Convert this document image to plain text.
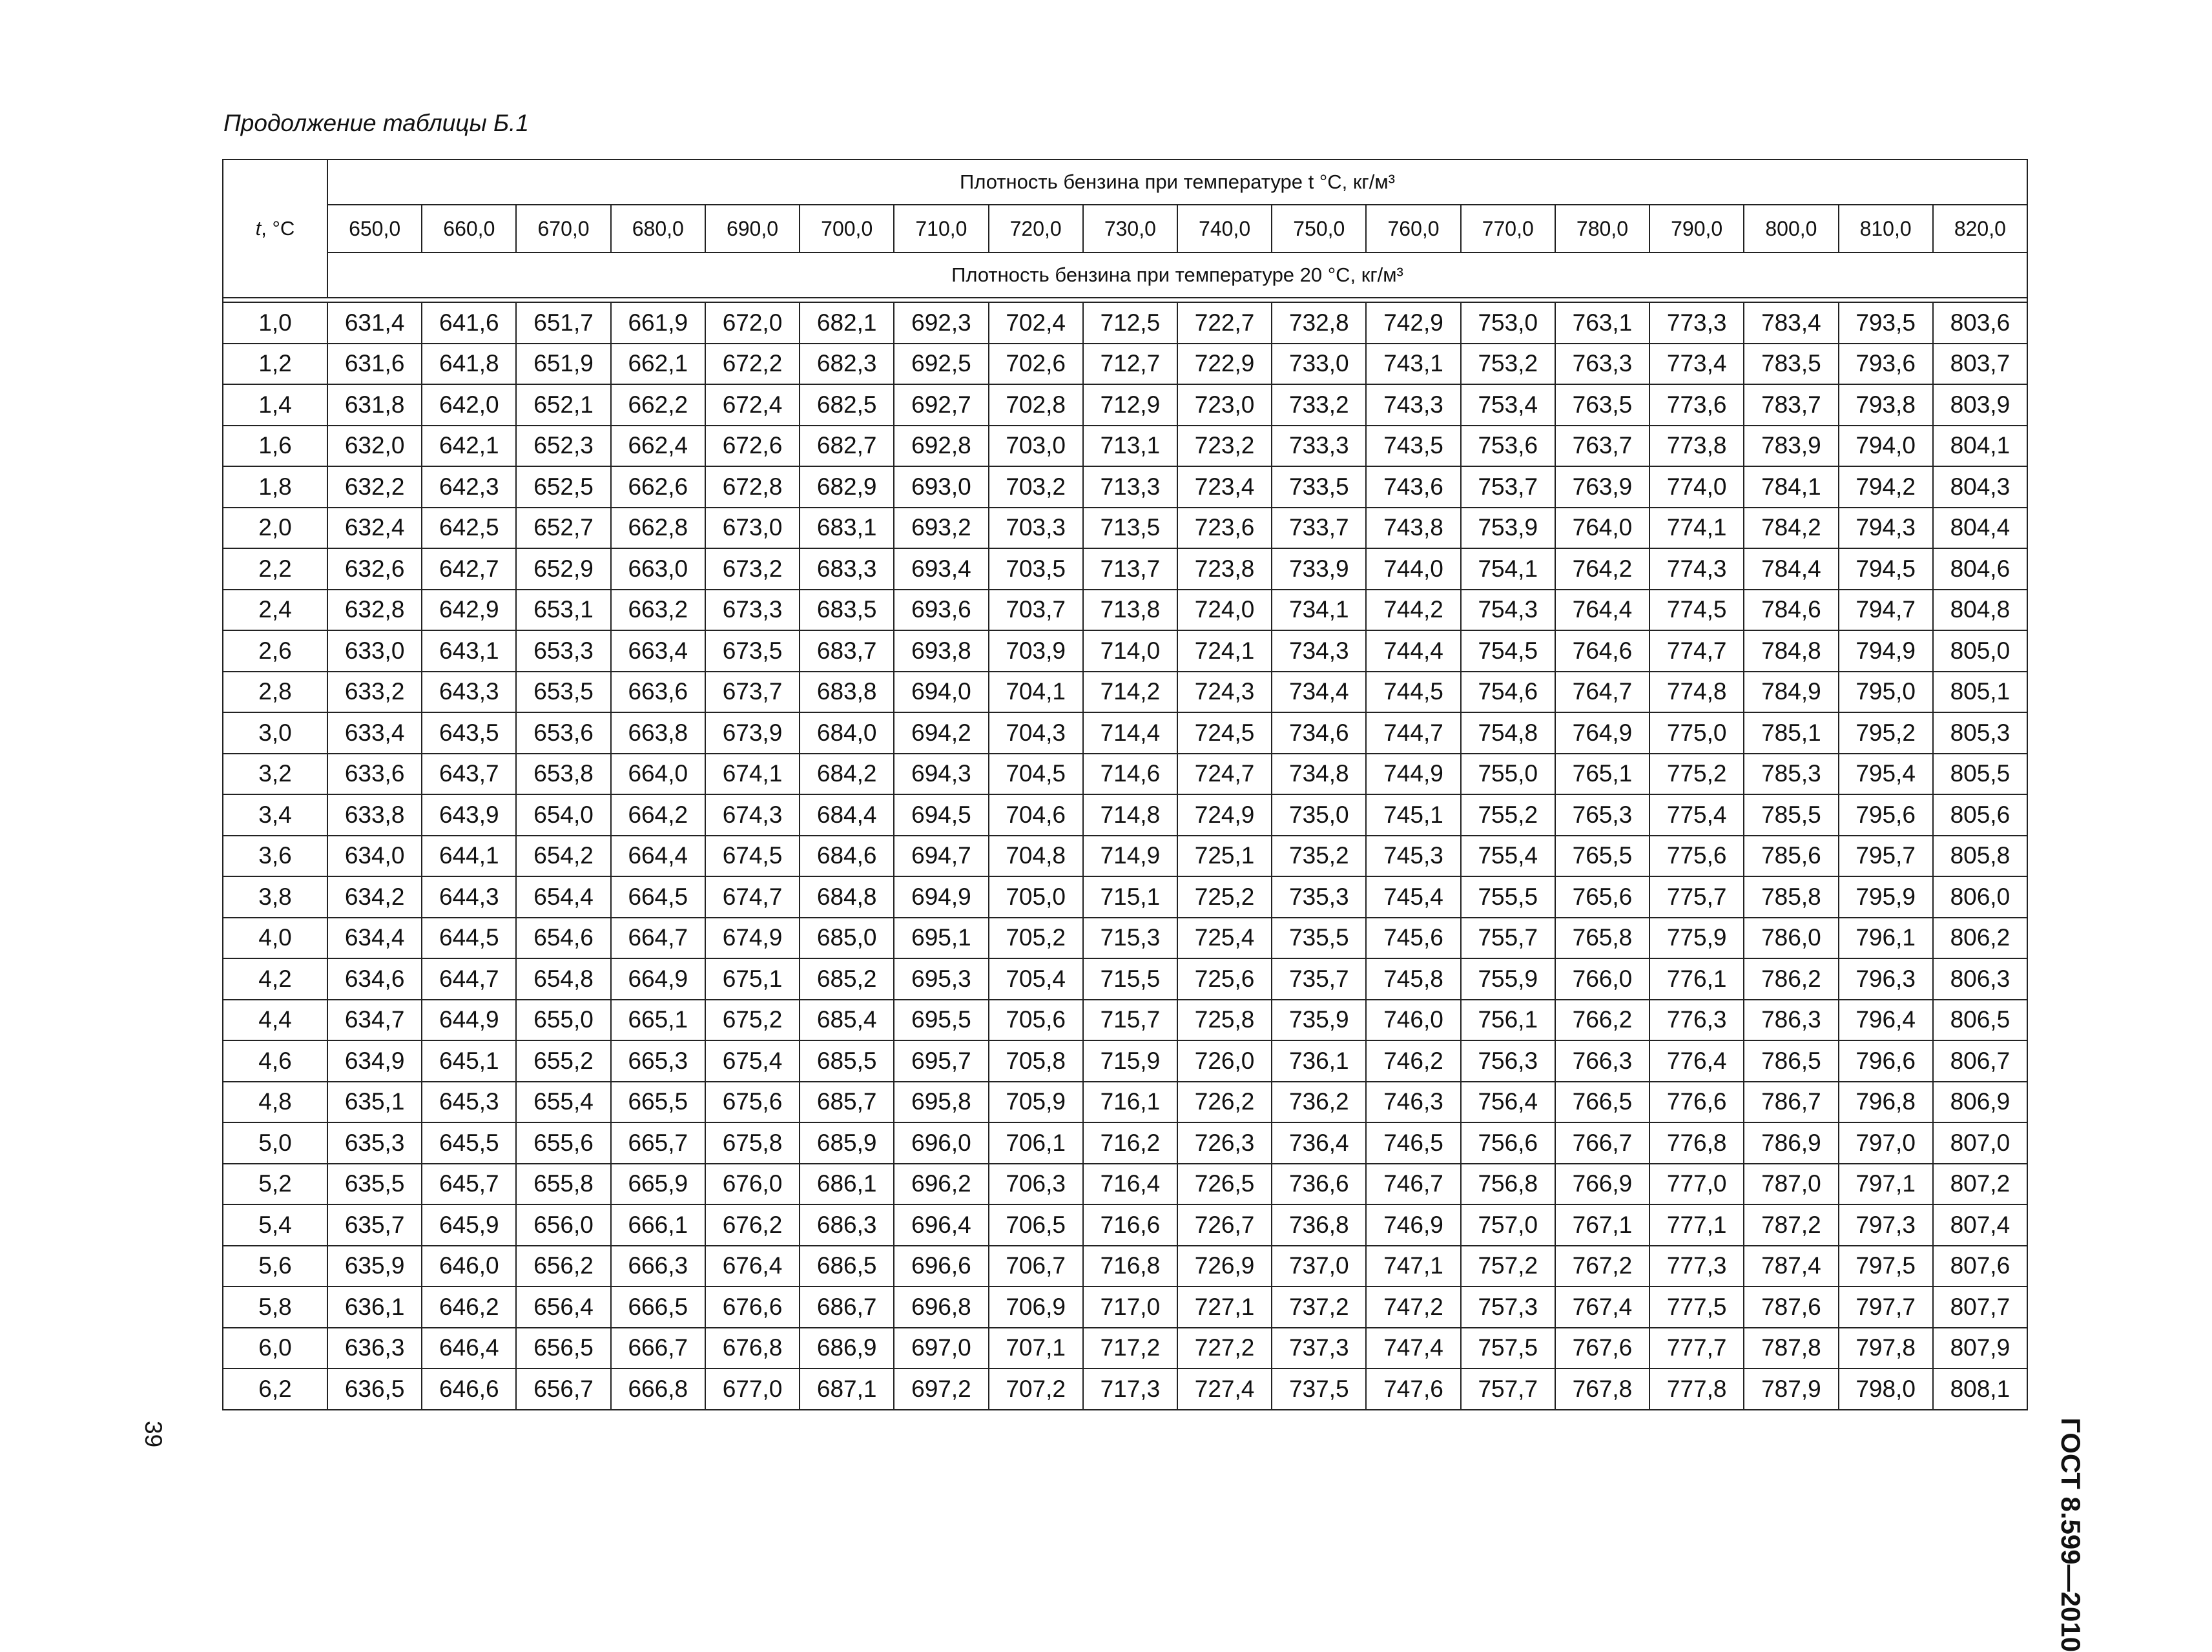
Продолжение таблицы Б.1
t, °C	Плотность бензина при температуре t °C, кг/м³																	
	650,0	660,0	670,0	680,0	690,0	700,0	710,0	720,0	730,0	740,0	750,0	760,0	770,0	780,0	790,0	800,0	810,0	820,0
	Плотность бензина при температуре 20 °C, кг/м³																	

1,0	631,4	641,6	651,7	661,9	672,0	682,1	692,3	702,4	712,5	722,7	732,8	742,9	753,0	763,1	773,3	783,4	793,5	803,6
1,2	631,6	641,8	651,9	662,1	672,2	682,3	692,5	702,6	712,7	722,9	733,0	743,1	753,2	763,3	773,4	783,5	793,6	803,7
1,4	631,8	642,0	652,1	662,2	672,4	682,5	692,7	702,8	712,9	723,0	733,2	743,3	753,4	763,5	773,6	783,7	793,8	803,9
1,6	632,0	642,1	652,3	662,4	672,6	682,7	692,8	703,0	713,1	723,2	733,3	743,5	753,6	763,7	773,8	783,9	794,0	804,1
1,8	632,2	642,3	652,5	662,6	672,8	682,9	693,0	703,2	713,3	723,4	733,5	743,6	753,7	763,9	774,0	784,1	794,2	804,3
2,0	632,4	642,5	652,7	662,8	673,0	683,1	693,2	703,3	713,5	723,6	733,7	743,8	753,9	764,0	774,1	784,2	794,3	804,4
2,2	632,6	642,7	652,9	663,0	673,2	683,3	693,4	703,5	713,7	723,8	733,9	744,0	754,1	764,2	774,3	784,4	794,5	804,6
2,4	632,8	642,9	653,1	663,2	673,3	683,5	693,6	703,7	713,8	724,0	734,1	744,2	754,3	764,4	774,5	784,6	794,7	804,8
2,6	633,0	643,1	653,3	663,4	673,5	683,7	693,8	703,9	714,0	724,1	734,3	744,4	754,5	764,6	774,7	784,8	794,9	805,0
2,8	633,2	643,3	653,5	663,6	673,7	683,8	694,0	704,1	714,2	724,3	734,4	744,5	754,6	764,7	774,8	784,9	795,0	805,1
3,0	633,4	643,5	653,6	663,8	673,9	684,0	694,2	704,3	714,4	724,5	734,6	744,7	754,8	764,9	775,0	785,1	795,2	805,3
3,2	633,6	643,7	653,8	664,0	674,1	684,2	694,3	704,5	714,6	724,7	734,8	744,9	755,0	765,1	775,2	785,3	795,4	805,5
3,4	633,8	643,9	654,0	664,2	674,3	684,4	694,5	704,6	714,8	724,9	735,0	745,1	755,2	765,3	775,4	785,5	795,6	805,6
3,6	634,0	644,1	654,2	664,4	674,5	684,6	694,7	704,8	714,9	725,1	735,2	745,3	755,4	765,5	775,6	785,6	795,7	805,8
3,8	634,2	644,3	654,4	664,5	674,7	684,8	694,9	705,0	715,1	725,2	735,3	745,4	755,5	765,6	775,7	785,8	795,9	806,0
4,0	634,4	644,5	654,6	664,7	674,9	685,0	695,1	705,2	715,3	725,4	735,5	745,6	755,7	765,8	775,9	786,0	796,1	806,2
4,2	634,6	644,7	654,8	664,9	675,1	685,2	695,3	705,4	715,5	725,6	735,7	745,8	755,9	766,0	776,1	786,2	796,3	806,3
4,4	634,7	644,9	655,0	665,1	675,2	685,4	695,5	705,6	715,7	725,8	735,9	746,0	756,1	766,2	776,3	786,3	796,4	806,5
4,6	634,9	645,1	655,2	665,3	675,4	685,5	695,7	705,8	715,9	726,0	736,1	746,2	756,3	766,3	776,4	786,5	796,6	806,7
4,8	635,1	645,3	655,4	665,5	675,6	685,7	695,8	705,9	716,1	726,2	736,2	746,3	756,4	766,5	776,6	786,7	796,8	806,9
5,0	635,3	645,5	655,6	665,7	675,8	685,9	696,0	706,1	716,2	726,3	736,4	746,5	756,6	766,7	776,8	786,9	797,0	807,0
5,2	635,5	645,7	655,8	665,9	676,0	686,1	696,2	706,3	716,4	726,5	736,6	746,7	756,8	766,9	777,0	787,0	797,1	807,2
5,4	635,7	645,9	656,0	666,1	676,2	686,3	696,4	706,5	716,6	726,7	736,8	746,9	757,0	767,1	777,1	787,2	797,3	807,4
5,6	635,9	646,0	656,2	666,3	676,4	686,5	696,6	706,7	716,8	726,9	737,0	747,1	757,2	767,2	777,3	787,4	797,5	807,6
5,8	636,1	646,2	656,4	666,5	676,6	686,7	696,8	706,9	717,0	727,1	737,2	747,2	757,3	767,4	777,5	787,6	797,7	807,7
6,0	636,3	646,4	656,5	666,7	676,8	686,9	697,0	707,1	717,2	727,2	737,3	747,4	757,5	767,6	777,7	787,8	797,8	807,9
6,2	636,5	646,6	656,7	666,8	677,0	687,1	697,2	707,2	717,3	727,4	737,5	747,6	757,7	767,8	777,8	787,9	798,0	808,1
ГОСТ 8.599—2010
39
